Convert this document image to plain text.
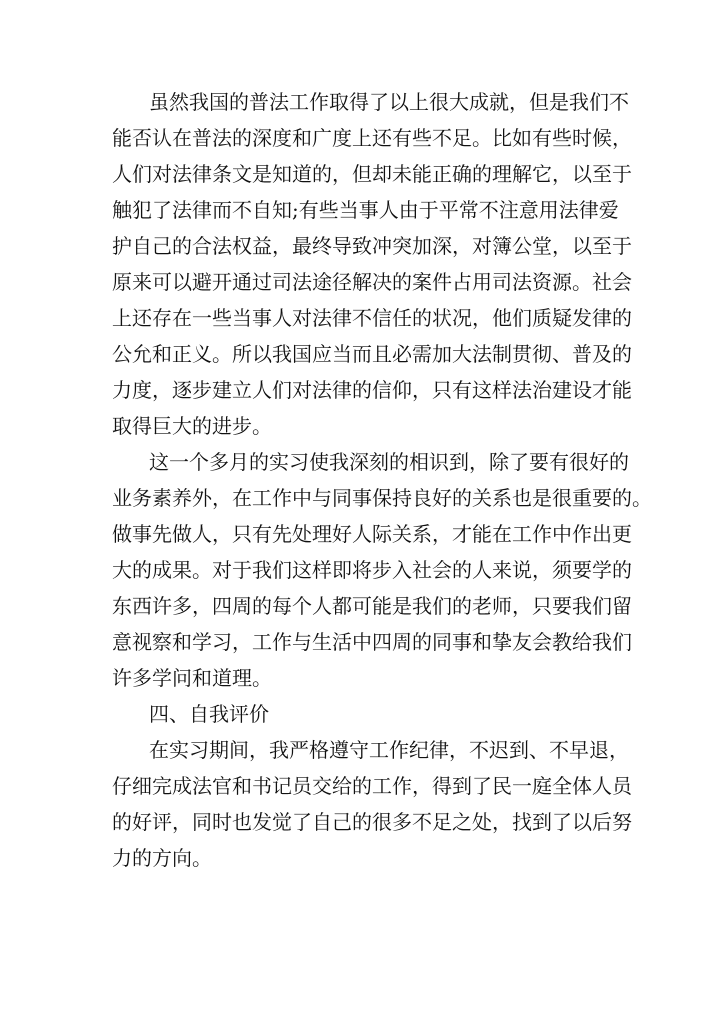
虽 然 我 国 的 普 法 工 作 取 得 了 以 上 很 大 成 就 ， 但 是 我 们 不
能 否 认 在 普 法 的 深 度 和 广 度 上 还 有 些 不 足 。 比 如 有 些 时 候 ，
人 们 对 法 律 条 文 是 知 道 的 ， 但 却 未 能 正 确 的 理 解 它 ， 以 至 于
触 犯 了 法 律 而 不 自 知 ; 有 些 当 事 人 由 于 平 常 不 注 意 用 法 律 爱
护 自 己 的 合 法 权 益 ， 最 终 导 致 冲 突 加 深 ， 对 簿 公 堂 ， 以 至 于
原 来 可 以 避 开 通 过 司 法 途 径 解 决 的 案 件 占 用 司 法 资 源 。 社 会
上 还 存 在 一 些 当 事 人 对 法 律 不 信 任 的 状 况 ， 他 们 质 疑 发 律 的
公 允 和 正 义 。 所 以 我 国 应 当 而 且 必 需 加 大 法 制 贯 彻 、 普 及 的
力 度 ， 逐 步 建 立 人 们 对 法 律 的 信 仰 ， 只 有 这 样 法 治 建 设 才 能
取得巨大的进步。
这 一 个 多 月 的 实 习 使 我 深 刻 的 相 识 到 ， 除 了 要 有 很 好 的
业 务 素 养 外 ， 在 工 作 中 与 同 事 保 持 良 好 的 关 系 也 是 很 重 要 的 。
做 事 先 做 人 ， 只 有 先 处 理 好 人 际 关 系 ， 才 能 在 工 作 中 作 出 更
大 的 成 果 。 对 于 我 们 这 样 即 将 步 入 社 会 的 人 来 说 ， 须 要 学 的
东 西 许 多 ， 四 周 的 每 个 人 都 可 能 是 我 们 的 老 师 ， 只 要 我 们 留
意 视 察 和 学 习 ， 工 作 与 生 活 中 四 周 的 同 事 和 挚 友 会 教 给 我 们
许多学问和道理。
四、自我评价
在 实 习 期 间 ， 我 严 格 遵 守 工 作 纪 律 ， 不 迟 到 、 不 早 退 ，
仔 细 完 成 法 官 和 书 记 员 交 给 的 工 作 ， 得 到 了 民 一 庭 全 体 人 员
的 好 评 ， 同 时 也 发 觉 了 自 己 的 很 多 不 足 之 处 ， 找 到 了 以 后 努
力的方向。
